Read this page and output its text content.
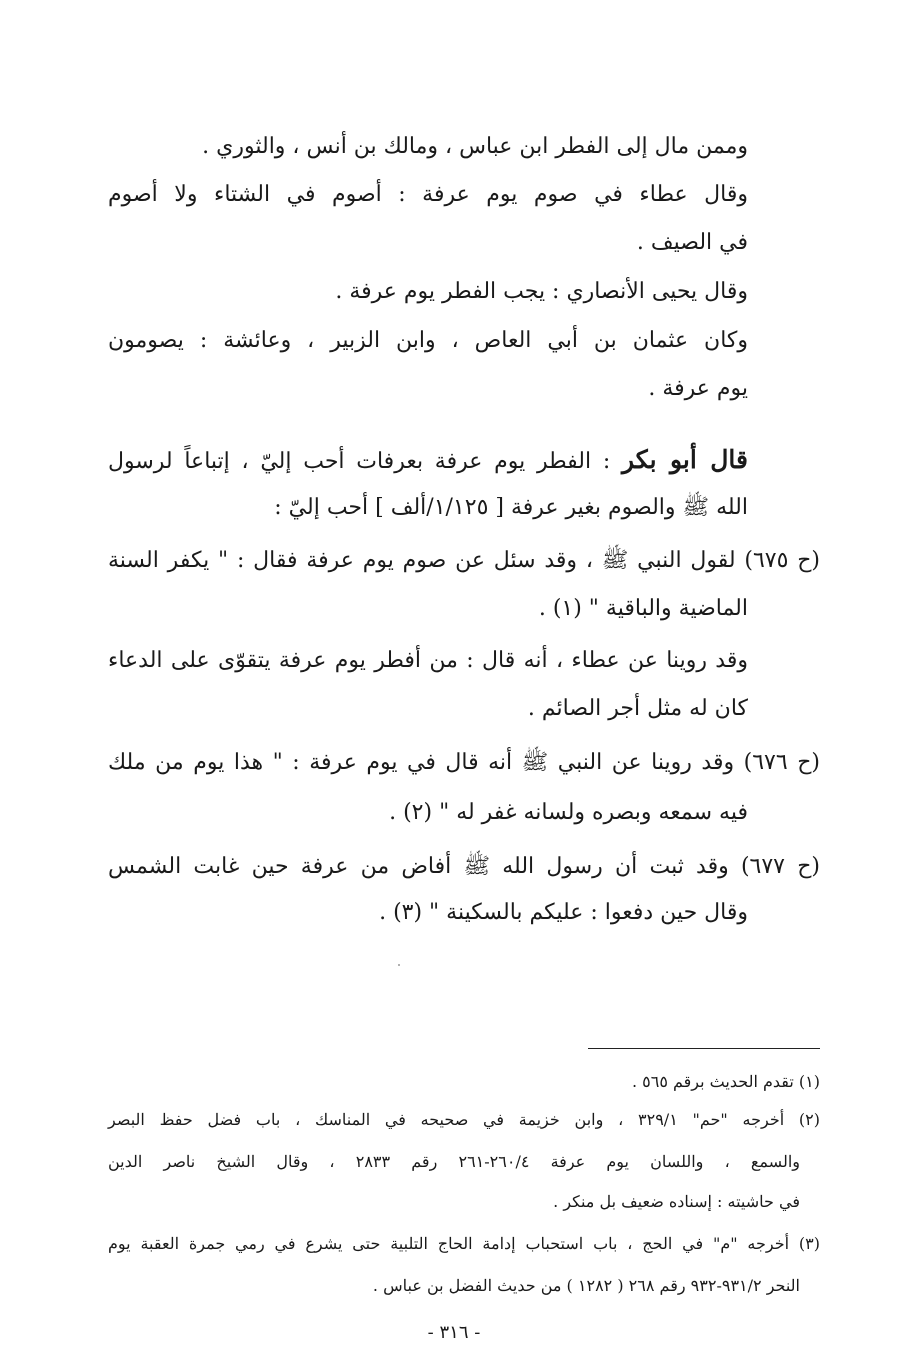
وممن مال إلى الفطر ابن عباس ، ومالك بن أنس ، والثوري .
وقال عطاء في صوم يوم عرفة : أصوم في الشتاء ولا أصوم
في الصيف .
وقال يحيى الأنصاري : يجب الفطر يوم عرفة .
وكان عثمان بن أبي العاص ، وابن الزبير ، وعائشة : يصومون
يوم عرفة .
قال أبو بكر : الفطر يوم عرفة بعرفات أحب إليّ ، إتباعاً لرسول
الله ﷺ والصوم بغير عرفة [ ١/١٢٥/ألف ] أحب إليّ :
(ح ٦٧٥) لقول النبي ﷺ ، وقد سئل عن صوم يوم عرفة فقال : " يكفر السنة
الماضية والباقية " (١) .
وقد روينا عن عطاء ، أنه قال : من أفطر يوم عرفة يتقوّى على الدعاء
كان له مثل أجر الصائم .
(ح ٦٧٦) وقد روينا عن النبي ﷺ أنه قال في يوم عرفة : " هذا يوم من ملك
فيه سمعه وبصره ولسانه غفر له " (٢) .
(ح ٦٧٧) وقد ثبت أن رسول الله ﷺ أفاض من عرفة حين غابت الشمس
وقال حين دفعوا : عليكم بالسكينة " (٣) .
(١) تقدم الحديث برقم ٥٦٥ .
(٢) أخرجه "حم" ٣٢٩/١ ، وابن خزيمة في صحيحه في المناسك ، باب فضل حفظ البصر
والسمع ، واللسان يوم عرفة ٢٦٠/٤-٢٦١ رقم ٢٨٣٣ ، وقال الشيخ ناصر الدين
في حاشيته : إسناده ضعيف بل منكر .
(٣) أخرجه "م" في الحج ، باب استحباب إدامة الحاج التلبية حتى يشرع في رمي جمرة العقبة يوم
النحر ٩٣١/٢-٩٣٢ رقم ٢٦٨ ( ١٢٨٢ ) من حديث الفضل بن عباس .
- ٣١٦ -
